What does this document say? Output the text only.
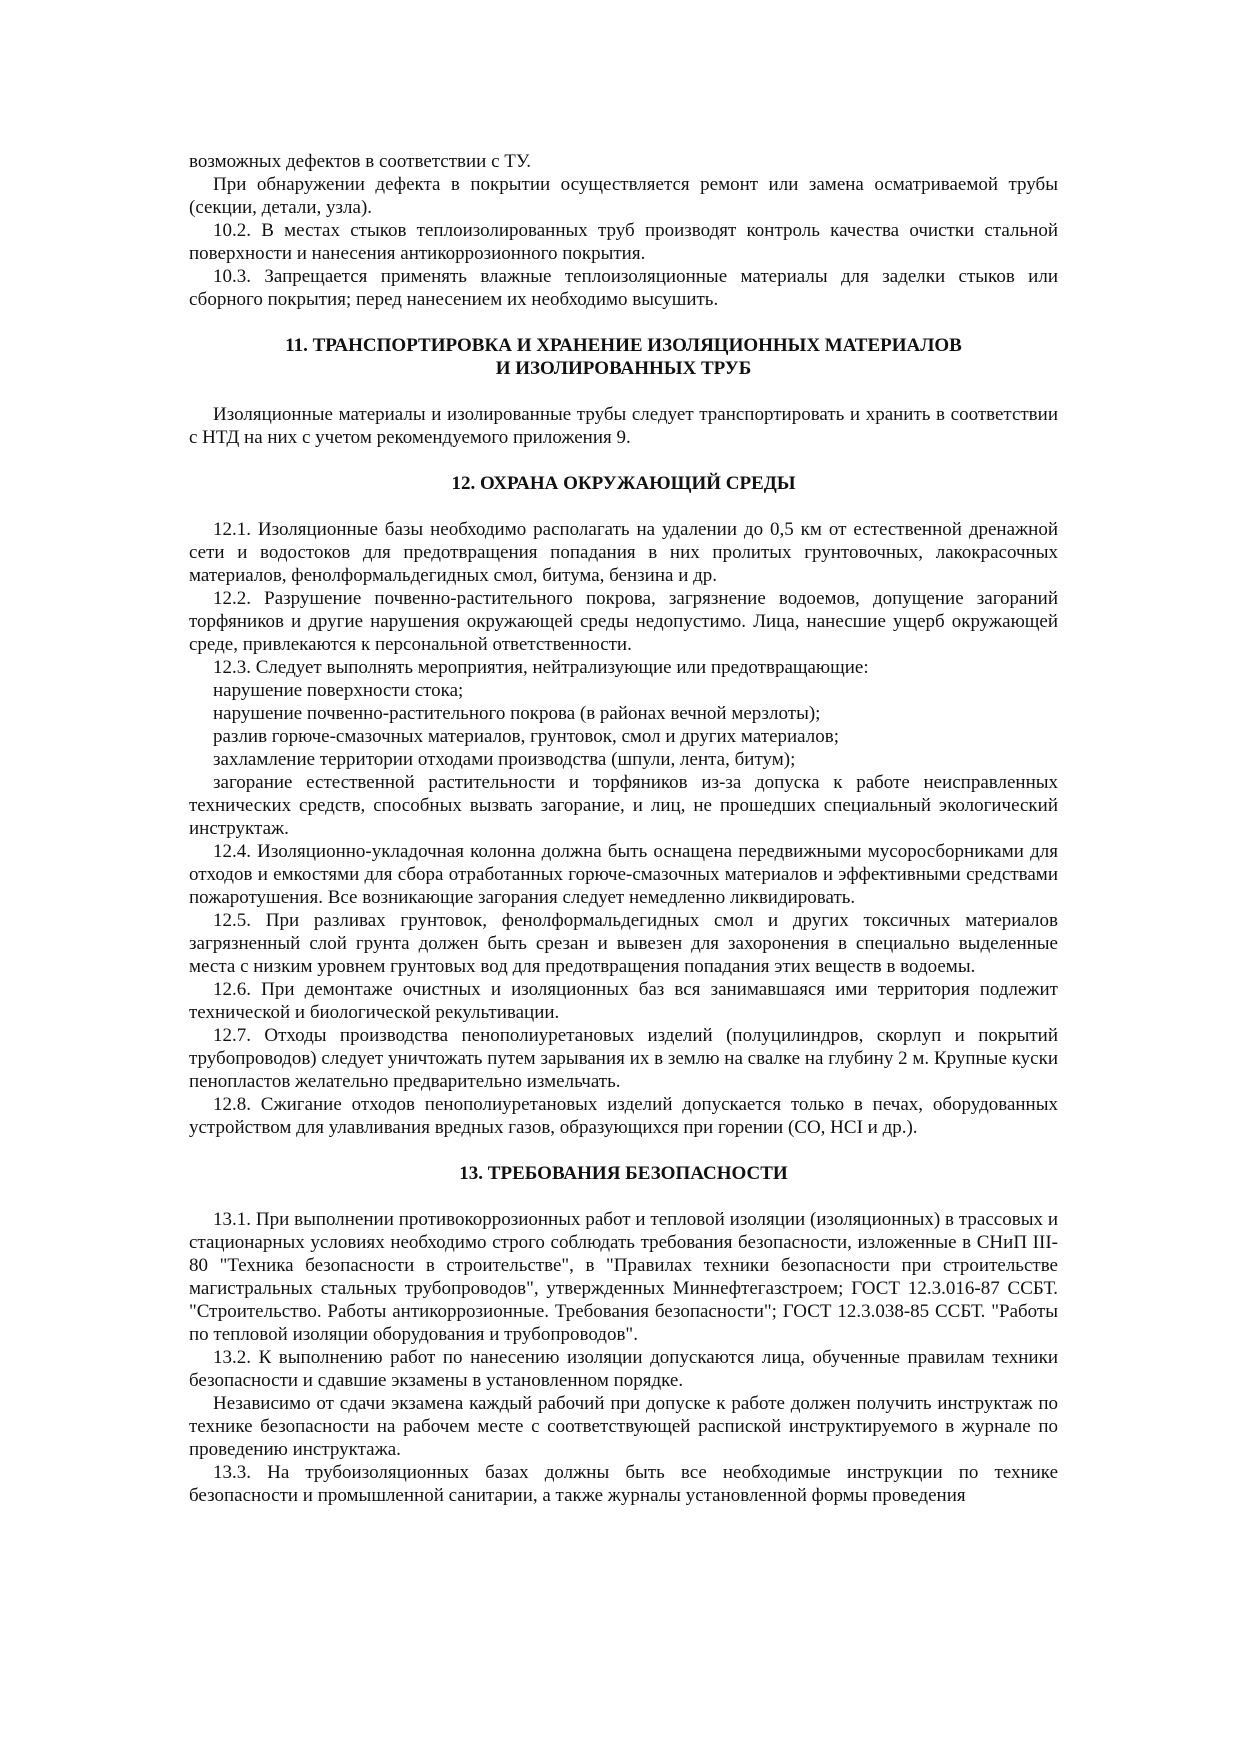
возможных дефектов в соответствии с ТУ.

При обнаружении дефекта в покрытии осуществляется ремонт или замена осматриваемой трубы (секции, детали, узла).

10.2. В местах стыков теплоизолированных труб производят контроль качества очистки стальной поверхности и нанесения антикоррозионного покрытия.

10.3. Запрещается применять влажные теплоизоляционные материалы для заделки стыков или сборного покрытия; перед нанесением их необходимо высушить.

11. ТРАНСПОРТИРОВКА И ХРАНЕНИЕ ИЗОЛЯЦИОННЫХ МАТЕРИАЛОВ

И ИЗОЛИРОВАННЫХ ТРУБ

Изоляционные материалы и изолированные трубы следует транспортировать и хранить в соответствии с НТД на них с учетом рекомендуемого приложения 9.

12. ОХРАНА ОКРУЖАЮЩИЙ СРЕДЫ

12.1. Изоляционные базы необходимо располагать на удалении до 0,5 км от естественной дренажной сети и водостоков для предотвращения попадания в них пролитых грунтовочных, лакокрасочных материалов, фенолформальдегидных смол, битума, бензина и др.

12.2. Разрушение почвенно-растительного покрова, загрязнение водоемов, допущение загораний торфяников и другие нарушения окружающей среды недопустимо. Лица, нанесшие ущерб окружающей среде, привлекаются к персональной ответственности.

12.3. Следует выполнять мероприятия, нейтрализующие или предотвращающие:

нарушение поверхности стока;

нарушение почвенно-растительного покрова (в районах вечной мерзлоты);

разлив горюче-смазочных материалов, грунтовок, смол и других материалов;

захламление территории отходами производства (шпули, лента, битум);

загорание естественной растительности и торфяников из-за допуска к работе неисправленных технических средств, способных вызвать загорание, и лиц, не прошедших специальный экологический инструктаж.

12.4. Изоляционно-укладочная колонна должна быть оснащена передвижными мусоросборниками для отходов и емкостями для сбора отработанных горюче-смазочных материалов и эффективными средствами пожаротушения. Все возникающие загорания следует немедленно ликвидировать.

12.5. При разливах грунтовок, фенолформальдегидных смол и других токсичных материалов загрязненный слой грунта должен быть срезан и вывезен для захоронения в специально выделенные места с низким уровнем грунтовых вод для предотвращения попадания этих веществ в водоемы.

12.6. При демонтаже очистных и изоляционных баз вся занимавшаяся ими территория подлежит технической и биологической рекультивации.

12.7. Отходы производства пенополиуретановых изделий (полуцилиндров, скорлуп и покрытий трубопроводов) следует уничтожать путем зарывания их в землю на свалке на глубину 2 м. Крупные куски пенопластов желательно предварительно измельчать.

12.8. Сжигание отходов пенополиуретановых изделий допускается только в печах, оборудованных устройством для улавливания вредных газов, образующихся при горении (CO, HCI и др.).

13. ТРЕБОВАНИЯ БЕЗОПАСНОСТИ

13.1. При выполнении противокоррозионных работ и тепловой изоляции (изоляционных) в трассовых и стационарных условиях необходимо строго соблюдать требования безопасности, изложенные в СНиП III-80 "Техника безопасности в строительстве", в "Правилах техники безопасности при строительстве магистральных стальных трубопроводов", утвержденных Миннефтегазстроем; ГОСТ 12.3.016-87 ССБТ. "Строительство. Работы антикоррозионные. Требования безопасности"; ГОСТ 12.3.038-85 ССБТ. "Работы по тепловой изоляции оборудования и трубопроводов".

13.2. К выполнению работ по нанесению изоляции допускаются лица, обученные правилам техники безопасности и сдавшие экзамены в установленном порядке.

Независимо от сдачи экзамена каждый рабочий при допуске к работе должен получить инструктаж по технике безопасности на рабочем месте с соответствующей распиской инструктируемого в журнале по проведению инструктажа.

13.3. На трубоизоляционных базах должны быть все необходимые инструкции по технике безопасности и промышленной санитарии, а также журналы установленной формы проведения
